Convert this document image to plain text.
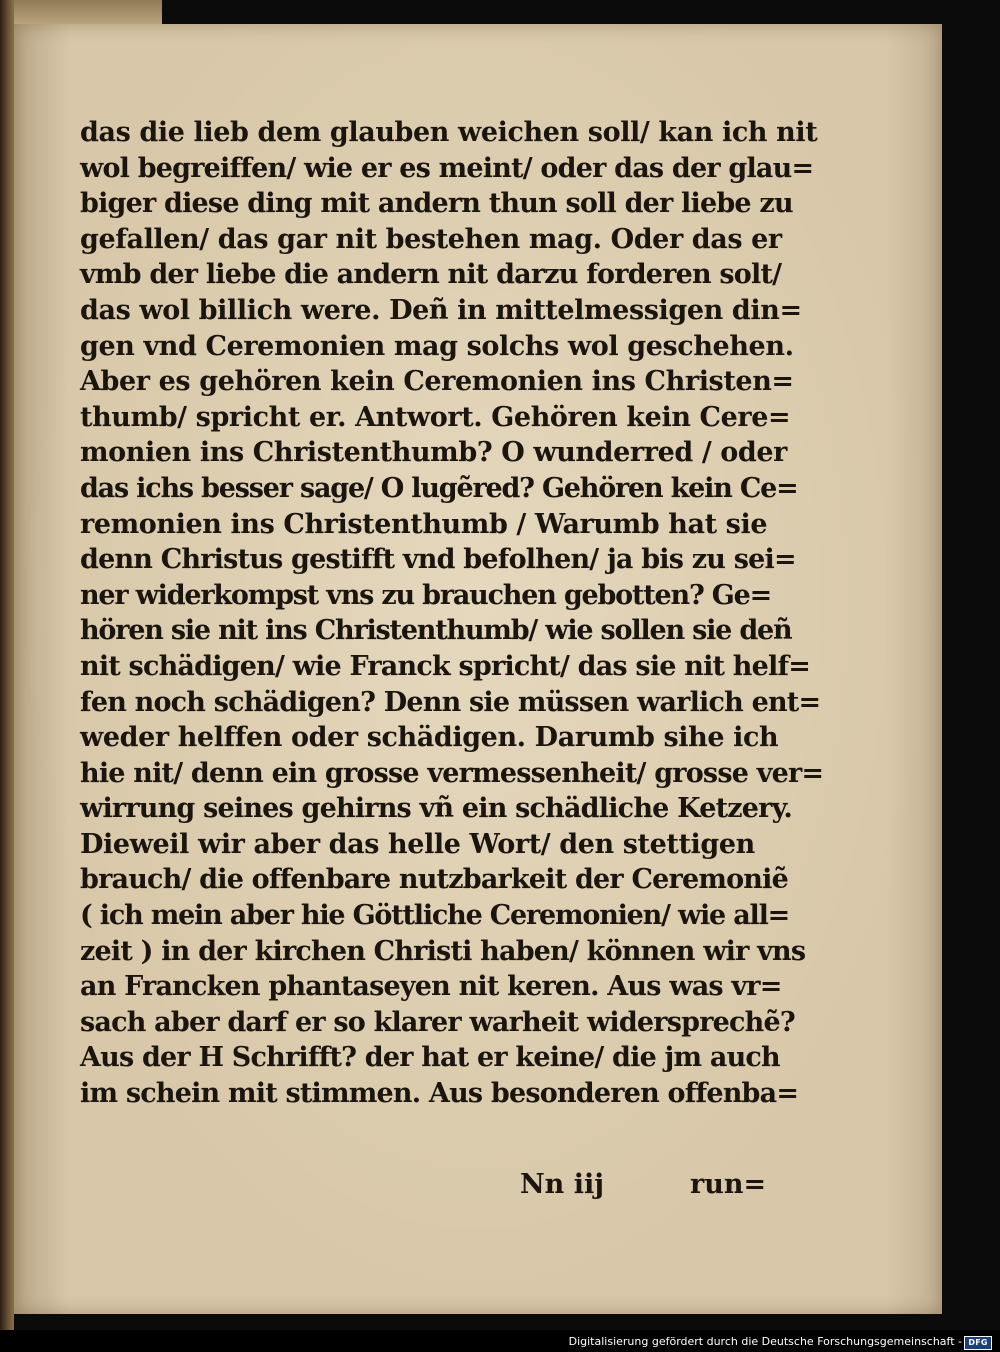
das die lieb dem glauben weichen soll/ kan ich nit
wol begreiffen/ wie er es meint/ oder das der glau=
biger diese ding mit andern thun soll der liebe zu
gefallen/ das gar nit bestehen mag. Oder das er
vmb der liebe die andern nit darzu forderen solt/
das wol billich were. Deñ in mittelmessigen din=
gen vnd Ceremonien mag solchs wol geschehen.
Aber es gehören kein Ceremonien ins Christen=
thumb/ spricht er. Antwort. Gehören kein Cere=
monien ins Christenthumb? O wunderred / oder
das ichs besser sage/ O lugẽred? Gehören kein Ce=
remonien ins Christenthumb / Warumb hat sie
denn Christus gestifft vnd befolhen/ ja bis zu sei=
ner widerkompst vns zu brauchen gebotten? Ge=
hören sie nit ins Christenthumb/ wie sollen sie deñ
nit schädigen/ wie Franck spricht/ das sie nit helf=
fen noch schädigen? Denn sie müssen warlich ent=
weder helffen oder schädigen. Darumb sihe ich
hie nit/ denn ein grosse vermessenheit/ grosse ver=
wirrung seines gehirns vñ ein schädliche Ketzery.
Dieweil wir aber das helle Wort/ den stettigen
brauch/ die offenbare nutzbarkeit der Ceremoniẽ
( ich mein aber hie Göttliche Ceremonien/ wie all=
zeit ) in der kirchen Christi haben/ können wir vns
an Francken phantaseyen nit keren. Aus was vr=
sach aber darf er so klarer warheit widersprechẽ?
Aus der H Schrifft? der hat er keine/ die jm auch
im schein mit stimmen. Aus besonderen offenba=
Nn iij	run=
Digitalisierung gefördert durch die Deutsche Forschungsgemeinschaft - DFG
